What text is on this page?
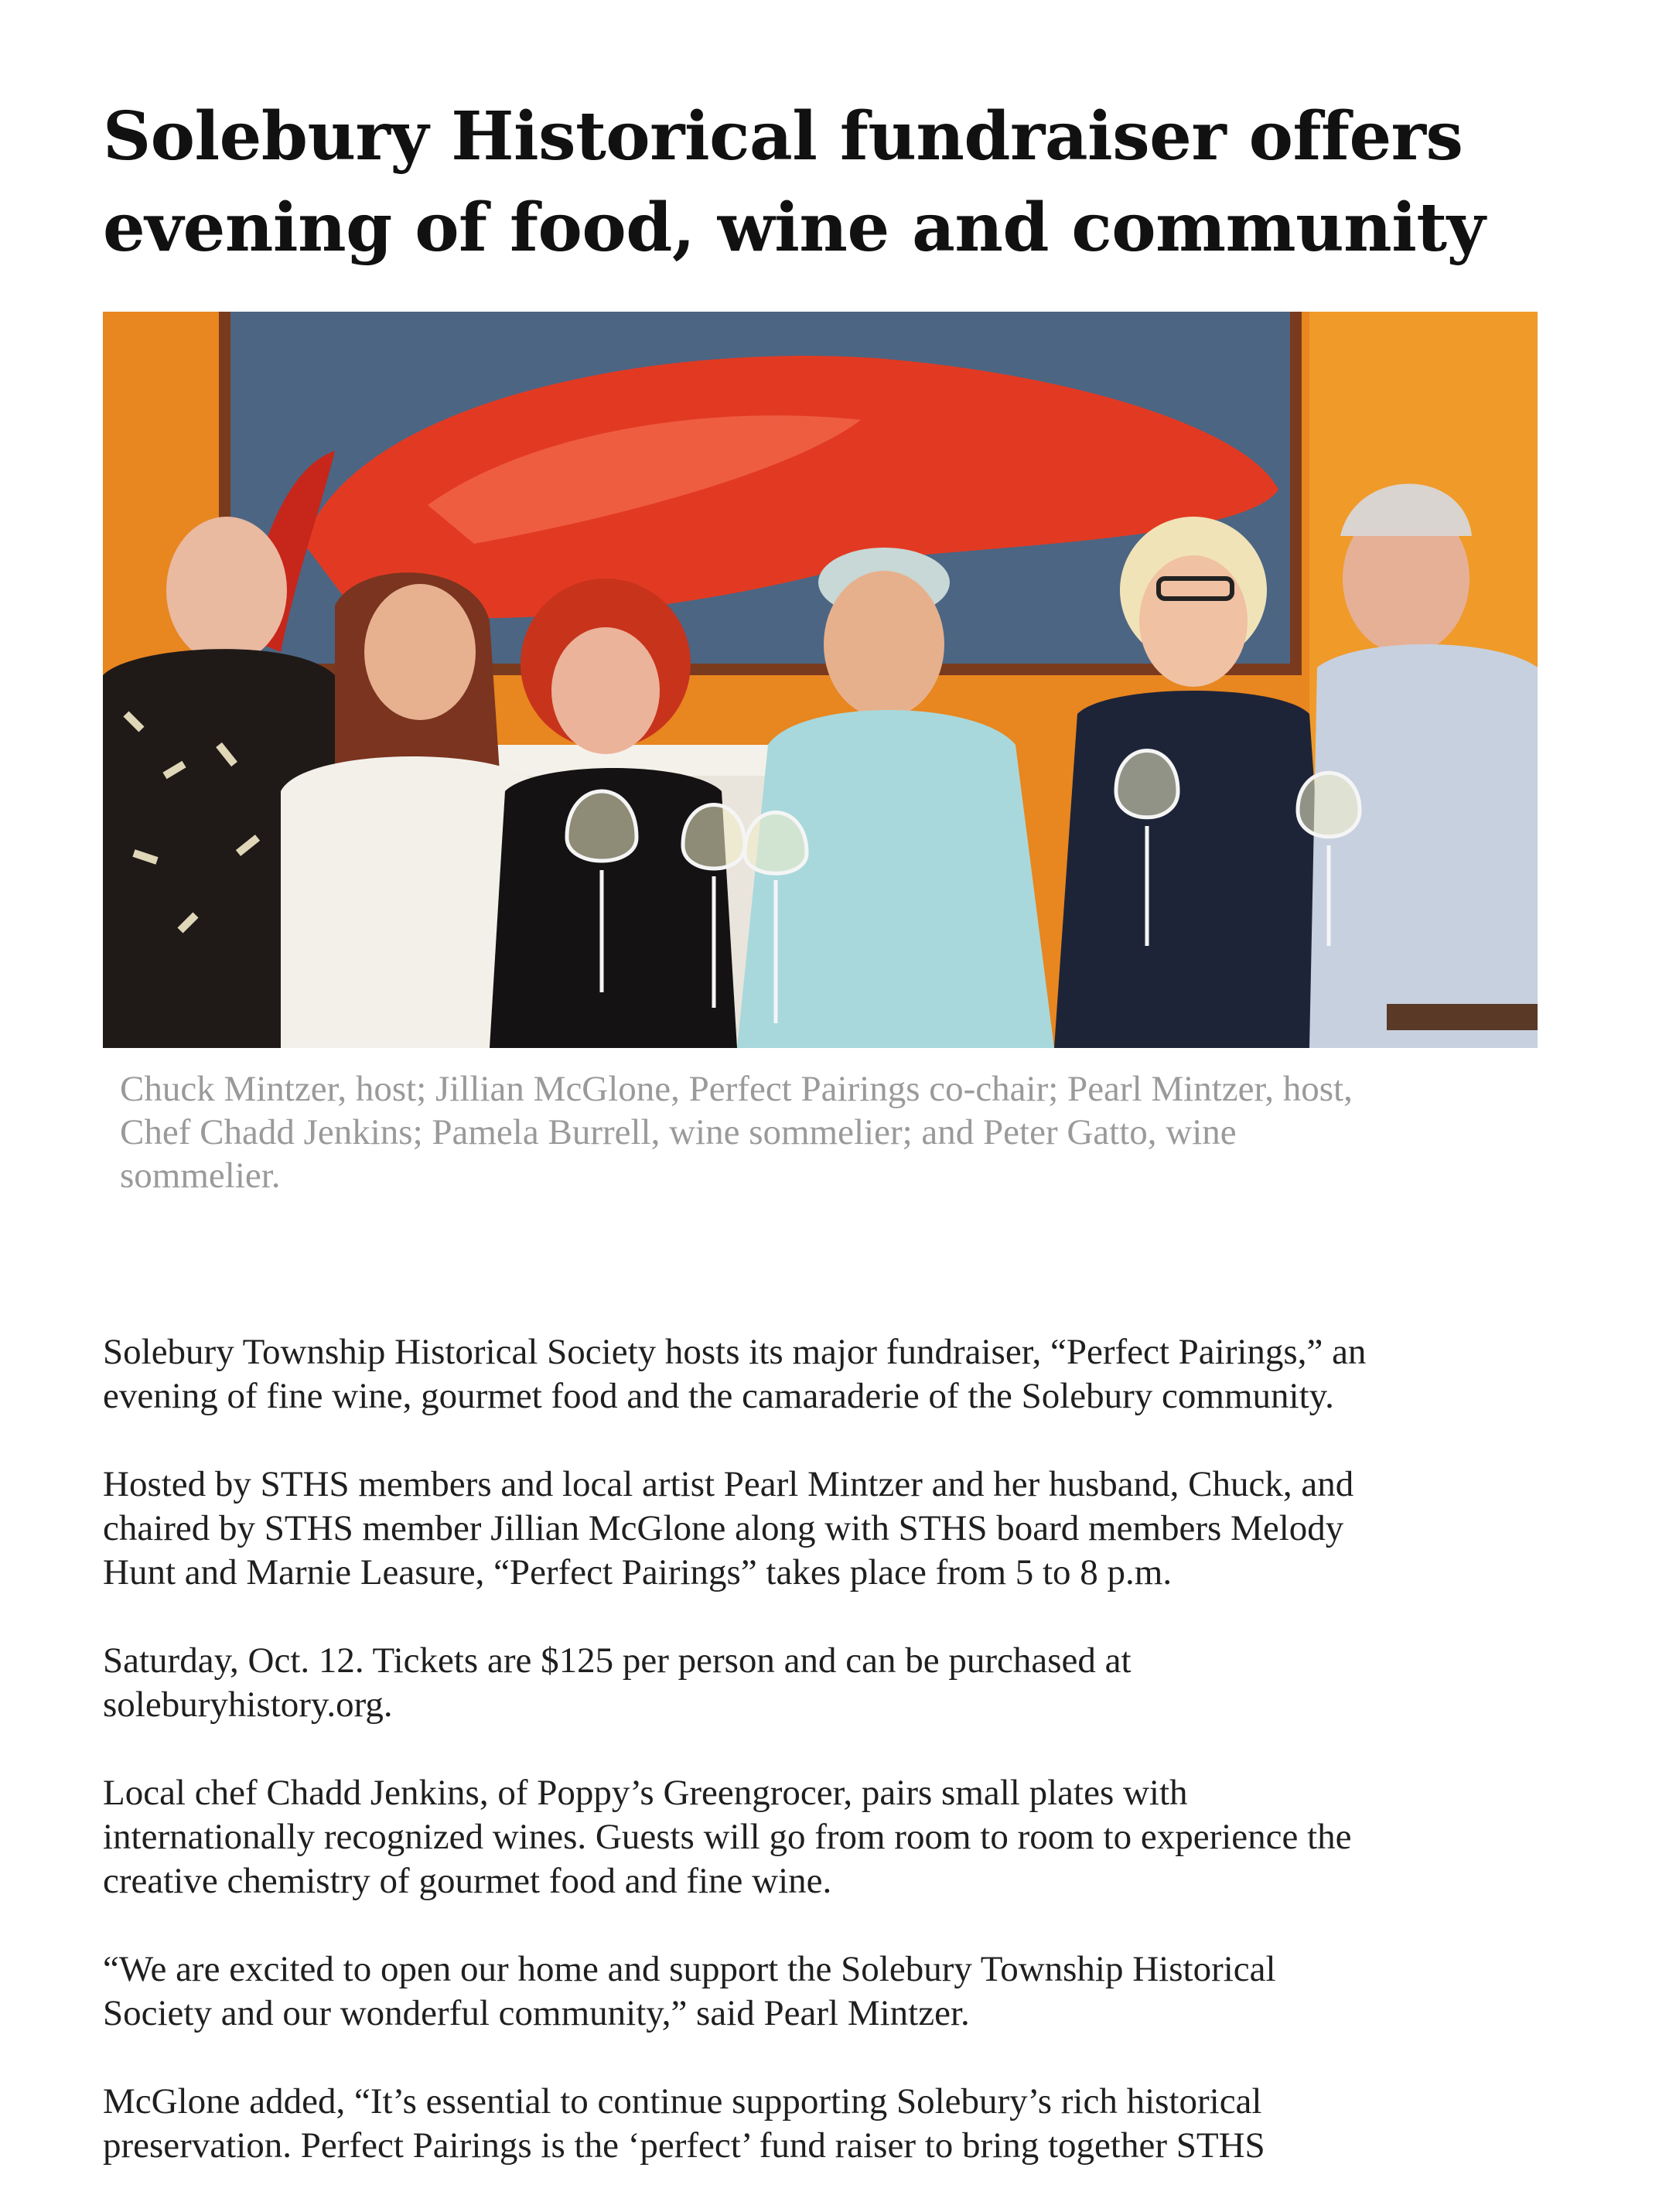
Solebury Historical fundraiser offers
evening of food, wine and community

Chuck Mintzer, host; Jillian McGlone, Perfect Pairings co-chair; Pearl Mintzer, host,
Chef Chadd Jenkins; Pamela Burrell, wine sommelier; and Peter Gatto, wine
sommelier.

Solebury Township Historical Society hosts its major fundraiser, “Perfect Pairings,” an
evening of fine wine, gourmet food and the camaraderie of the Solebury community.

Hosted by STHS members and local artist Pearl Mintzer and her husband, Chuck, and
chaired by STHS member Jillian McGlone along with STHS board members Melody
Hunt and Marnie Leasure, “Perfect Pairings” takes place from 5 to 8 p.m.

Saturday, Oct. 12. Tickets are $125 per person and can be purchased at
soleburyhistory.org.

Local chef Chadd Jenkins, of Poppy’s Greengrocer, pairs small plates with
internationally recognized wines. Guests will go from room to room to experience the
creative chemistry of gourmet food and fine wine.

“We are excited to open our home and support the Solebury Township Historical
Society and our wonderful community,” said Pearl Mintzer.

McGlone added, “It’s essential to continue supporting Solebury’s rich historical
preservation. Perfect Pairings is the ‘perfect’ fund raiser to bring together STHS
